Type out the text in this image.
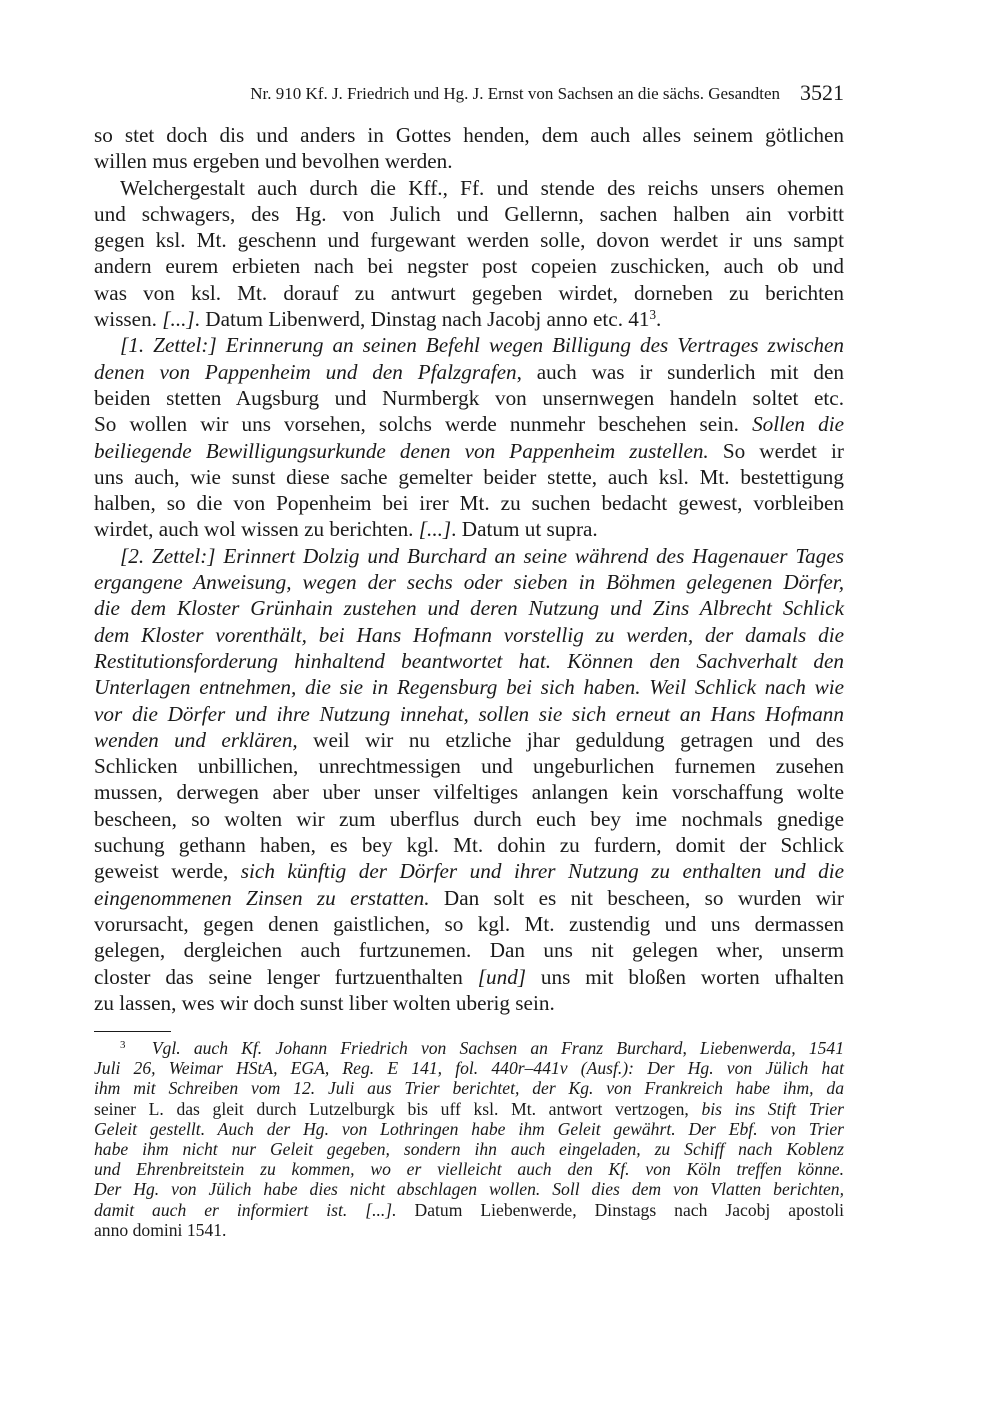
Nr. 910 Kf. J. Friedrich und Hg. J. Ernst von Sachsen an die sächs. Gesandten 3521
so stet doch dis und anders in Gottes henden, dem auch alles seinem götlichen
willen mus ergeben und bevolhen werden.
Welchergestalt auch durch die Kff., Ff. und stende des reichs unsers ohemen
und schwagers, des Hg. von Julich und Gellernn, sachen halben ain vorbitt
gegen ksl. Mt. geschenn und furgewant werden solle, dovon werdet ir uns sampt
andern eurem erbieten nach bei negster post copeien zuschicken, auch ob und
was von ksl. Mt. dorauf zu antwurt gegeben wirdet, dorneben zu berichten
wissen. [...]. Datum Libenwerd, Dinstag nach Jacobj anno etc. $41^3$.
[1. Zettel:] Erinnerung an seinen Befehl wegen Billigung des Vertrages zwischen
denen von Pappenheim und den Pfalzgrafen, auch was ir sunderlich mit den
beiden stetten Augsburg und Nurmbergk von unsernwegen handeln soltet etc.
So wollen wir uns vorsehen, solchs werde nunmehr beschehen sein. Sollen die
beiliegende Bewilligungsurkunde denen von Pappenheim zustellen. So werdet ir
uns auch, wie sunst diese sache gemelter beider stette, auch ksl. Mt. bestettigung
halben, so die von Popenheim bei irer Mt. zu suchen bedacht gewest, vorbleiben
wirdet, auch wol wissen zu berichten. [...]. Datum ut supra.
[2. Zettel:] Erinnert Dolzig und Burchard an seine während des Hagenauer Tages
ergangene Anweisung, wegen der sechs oder sieben in Böhmen gelegenen Dörfer,
die dem Kloster Grünhain zustehen und deren Nutzung und Zins Albrecht Schlick
dem Kloster vorenthält, bei Hans Hofmann vorstellig zu werden, der damals die
Restitutionsforderung hinhaltend beantwortet hat. Können den Sachverhalt den
Unterlagen entnehmen, die sie in Regensburg bei sich haben. Weil Schlick nach wie
vor die Dörfer und ihre Nutzung innehat, sollen sie sich erneut an Hans Hofmann
wenden und erklären, weil wir nu etzliche jhar geduldung getragen und des
Schlicken unbillichen, unrechtmessigen und ungeburlichen furnemen zusehen
mussen, derwegen aber uber unser vilfeltiges anlangen kein vorschaffung wolte
bescheen, so wolten wir zum uberflus durch euch bey ime nochmals gnedige
suchung gethann haben, es bey kgl. Mt. dohin zu furdern, domit der Schlick
geweist werde, sich künftig der Dörfer und ihrer Nutzung zu enthalten und die
eingenommenen Zinsen zu erstatten. Dan solt es nit bescheen, so wurden wir
vorursacht, gegen denen gaistlichen, so kgl. Mt. zustendig und uns dermassen
gelegen, dergleichen auch furtzunemen. Dan uns nit gelegen wher, unserm
closter das seine lenger furtzuenthalten [und] uns mit bloßen worten ufhalten
zu lassen, wes wir doch sunst liber wolten uberig sein.
$^3$ Vgl. auch Kf. Johann Friedrich von Sachsen an Franz Burchard, Liebenwerda, 1541
Juli 26, Weimar HStA, EGA, Reg. E 141, fol. 440r–441v (Ausf.): Der Hg. von Jülich hat
ihm mit Schreiben vom 12. Juli aus Trier berichtet, der Kg. von Frankreich habe ihm, da
seiner L. das gleit durch Lutzelburgk bis uff ksl. Mt. antwort vertzogen, bis ins Stift Trier
Geleit gestellt. Auch der Hg. von Lothringen habe ihm Geleit gewährt. Der Ebf. von Trier
habe ihm nicht nur Geleit gegeben, sondern ihn auch eingeladen, zu Schiff nach Koblenz
und Ehrenbreitstein zu kommen, wo er vielleicht auch den Kf. von Köln treffen könne.
Der Hg. von Jülich habe dies nicht abschlagen wollen. Soll dies dem von Vlatten berichten,
damit auch er informiert ist. [...]. Datum Liebenwerde, Dinstags nach Jacobj apostoli
anno domini 1541.
